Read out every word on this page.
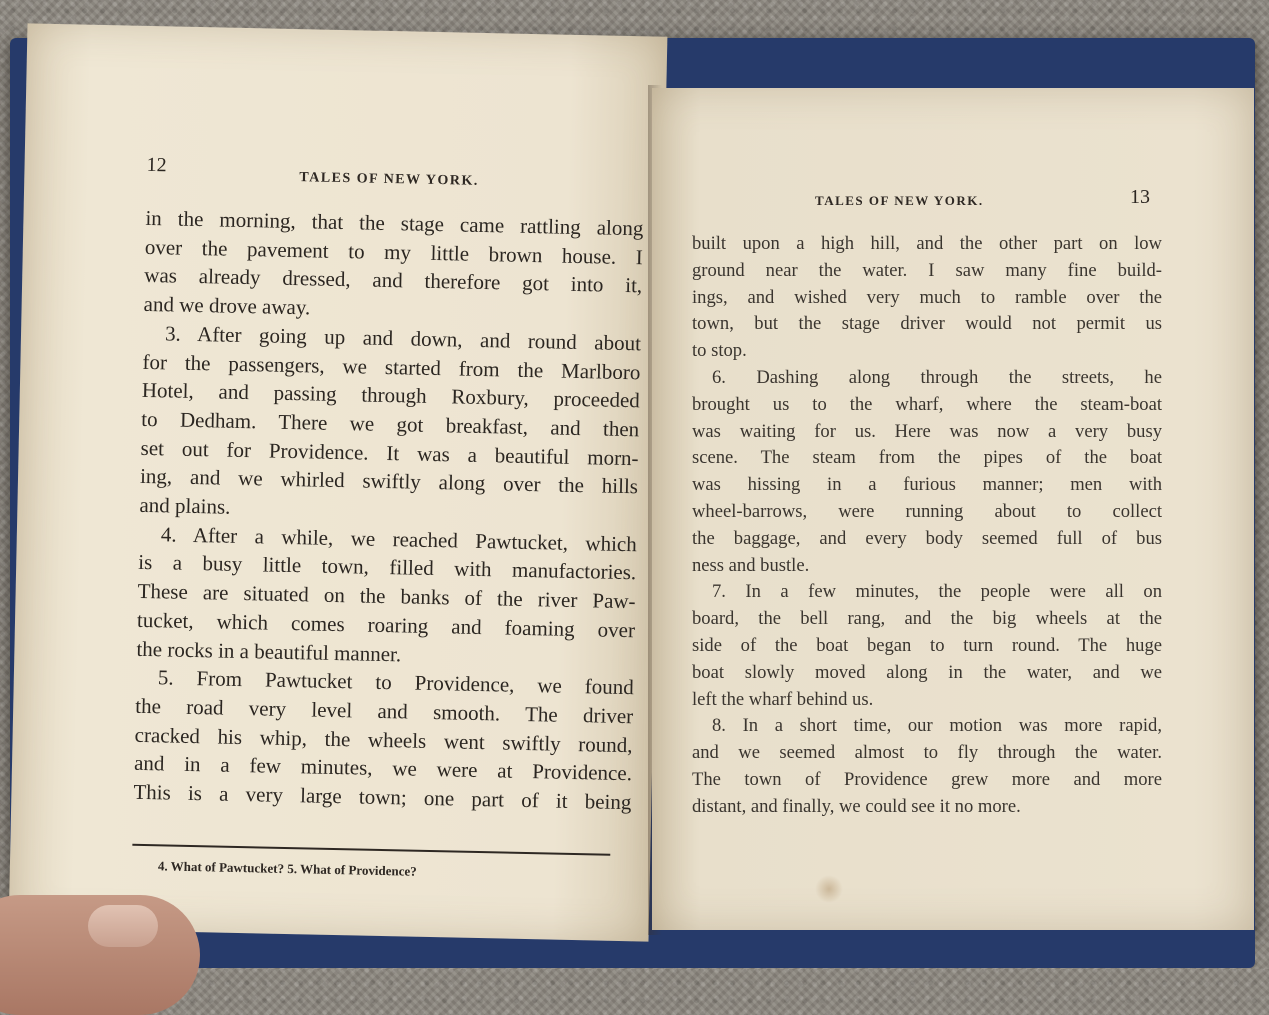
12
TALES OF NEW YORK.
in the morning, that the stage came rattling along
over the pavement to my little brown house. I
was already dressed, and therefore got into it,
and we drove away.
3. After going up and down, and round about
for the passengers, we started from the Marlboro
Hotel, and passing through Roxbury, proceeded
to Dedham. There we got breakfast, and then
set out for Providence. It was a beautiful morn-
ing, and we whirled swiftly along over the hills
and plains.
4. After a while, we reached Pawtucket, which
is a busy little town, filled with manufactories.
These are situated on the banks of the river Paw-
tucket, which comes roaring and foaming over
the rocks in a beautiful manner.
5. From Pawtucket to Providence, we found
the road very level and smooth. The driver
cracked his whip, the wheels went swiftly round,
and in a few minutes, we were at Providence.
This is a very large town; one part of it being
4. What of Pawtucket? 5. What of Providence?
TALES OF NEW YORK.	13
built upon a high hill, and the other part on low
ground near the water. I saw many fine build-
ings, and wished very much to ramble over the
town, but the stage driver would not permit us
to stop.
6. Dashing along through the streets, he
brought us to the wharf, where the steam-boat
was waiting for us. Here was now a very busy
scene. The steam from the pipes of the boat
was hissing in a furious manner; men with
wheel-barrows, were running about to collect
the baggage, and every body seemed full of bus
ness and bustle.
7. In a few minutes, the people were all on
board, the bell rang, and the big wheels at the
side of the boat began to turn round. The huge
boat slowly moved along in the water, and we
left the wharf behind us.
8. In a short time, our motion was more rapid,
and we seemed almost to fly through the water.
The town of Providence grew more and more
distant, and finally, we could see it no more.
